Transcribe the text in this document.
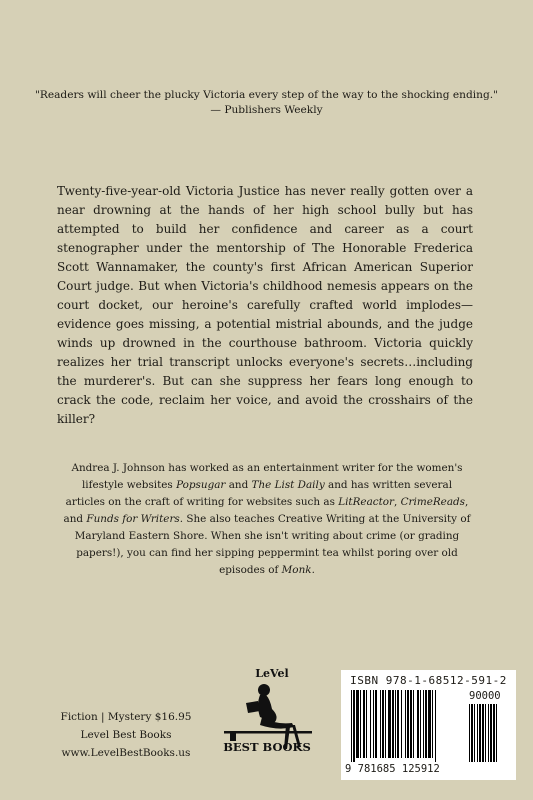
"Readers will cheer the plucky Victoria every step of the way to the shocking ending."
— Publishers Weekly

Twenty-five-year-old Victoria Justice has never really gotten over a near drowning at the hands of her high school bully but has attempted to build her confidence and career as a court stenographer under the mentorship of The Honorable Frederica Scott Wannamaker, the county's first African American Superior Court judge. But when Victoria's childhood nemesis appears on the court docket, our heroine's carefully crafted world implodes—evidence goes missing, a potential mistrial abounds, and the judge winds up drowned in the courthouse bathroom. Victoria quickly realizes her trial transcript unlocks everyone's secrets…including the murderer's. But can she suppress her fears long enough to crack the code, reclaim her voice, and avoid the crosshairs of the killer?

Andrea J. Johnson has worked as an entertainment writer for the women's lifestyle websites Popsugar and The List Daily and has written several articles on the craft of writing for websites such as LitReactor, CrimeReads, and Funds for Writers. She also teaches Creative Writing at the University of Maryland Eastern Shore. When she isn't writing about crime (or grading papers!), you can find her sipping peppermint tea whilst poring over old episodes of Monk.

Fiction | Mystery $16.95
Level Best Books
www.LevelBestBooks.us
LeVel
BEST BOOKS
ISBN 978-1-68512-591-2
9 781685 125912
90000
